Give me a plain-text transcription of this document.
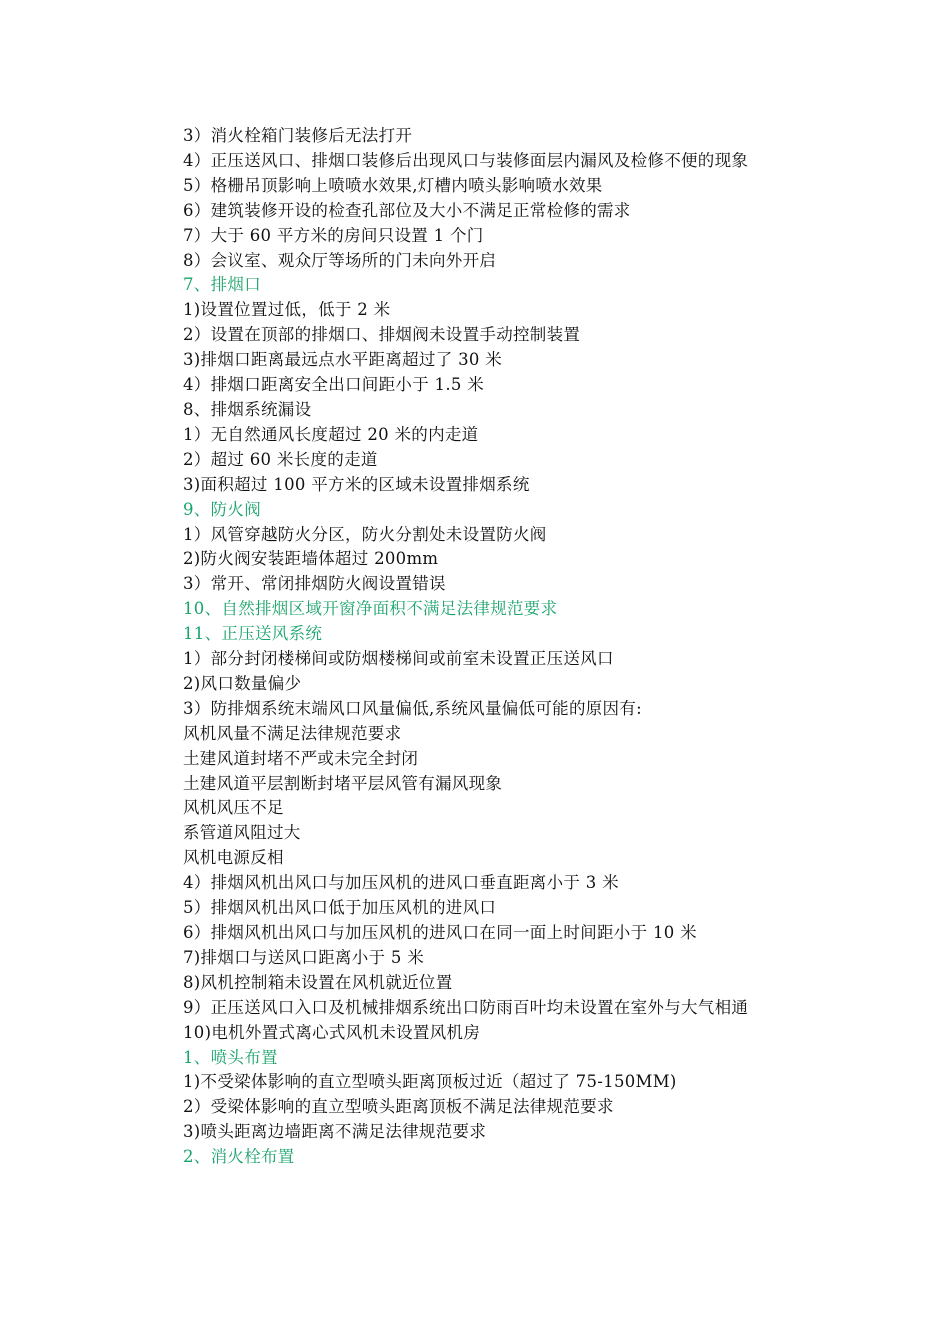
3）消火栓箱门装修后无法打开
4）正压送风口、排烟口装修后出现风口与装修面层内漏风及检修不便的现象
5）格栅吊顶影响上喷喷水效果,灯槽内喷头影响喷水效果
6）建筑装修开设的检查孔部位及大小不满足正常检修的需求
7）大于 60 平方米的房间只设置 1 个门
8）会议室、观众厅等场所的门未向外开启
7、排烟口
1)设置位置过低，低于 2 米
2）设置在顶部的排烟口、排烟阀未设置手动控制装置
3)排烟口距离最远点水平距离超过了 30 米
4）排烟口距离安全出口间距小于 1.5 米
8、排烟系统漏设
1）无自然通风长度超过 20 米的内走道
2）超过 60 米长度的走道
3)面积超过 100 平方米的区域未设置排烟系统
9、防火阀
1）风管穿越防火分区，防火分割处未设置防火阀
2)防火阀安装距墙体超过 200mm
3）常开、常闭排烟防火阀设置错误
10、自然排烟区域开窗净面积不满足法律规范要求
11、正压送风系统
1）部分封闭楼梯间或防烟楼梯间或前室未设置正压送风口
2)风口数量偏少
3）防排烟系统末端风口风量偏低,系统风量偏低可能的原因有:
风机风量不满足法律规范要求
土建风道封堵不严或未完全封闭
土建风道平层割断封堵平层风管有漏风现象
风机风压不足
系管道风阻过大
风机电源反相
4）排烟风机出风口与加压风机的进风口垂直距离小于 3 米
5）排烟风机出风口低于加压风机的进风口
6）排烟风机出风口与加压风机的进风口在同一面上时间距小于 10 米
7)排烟口与送风口距离小于 5 米
8)风机控制箱未设置在风机就近位置
9）正压送风口入口及机械排烟系统出口防雨百叶均未设置在室外与大气相通
10)电机外置式离心式风机未设置风机房
1、喷头布置
1)不受梁体影响的直立型喷头距离顶板过近（超过了 75-150MM)
2）受梁体影响的直立型喷头距离顶板不满足法律规范要求
3)喷头距离边墙距离不满足法律规范要求
2、消火栓布置
